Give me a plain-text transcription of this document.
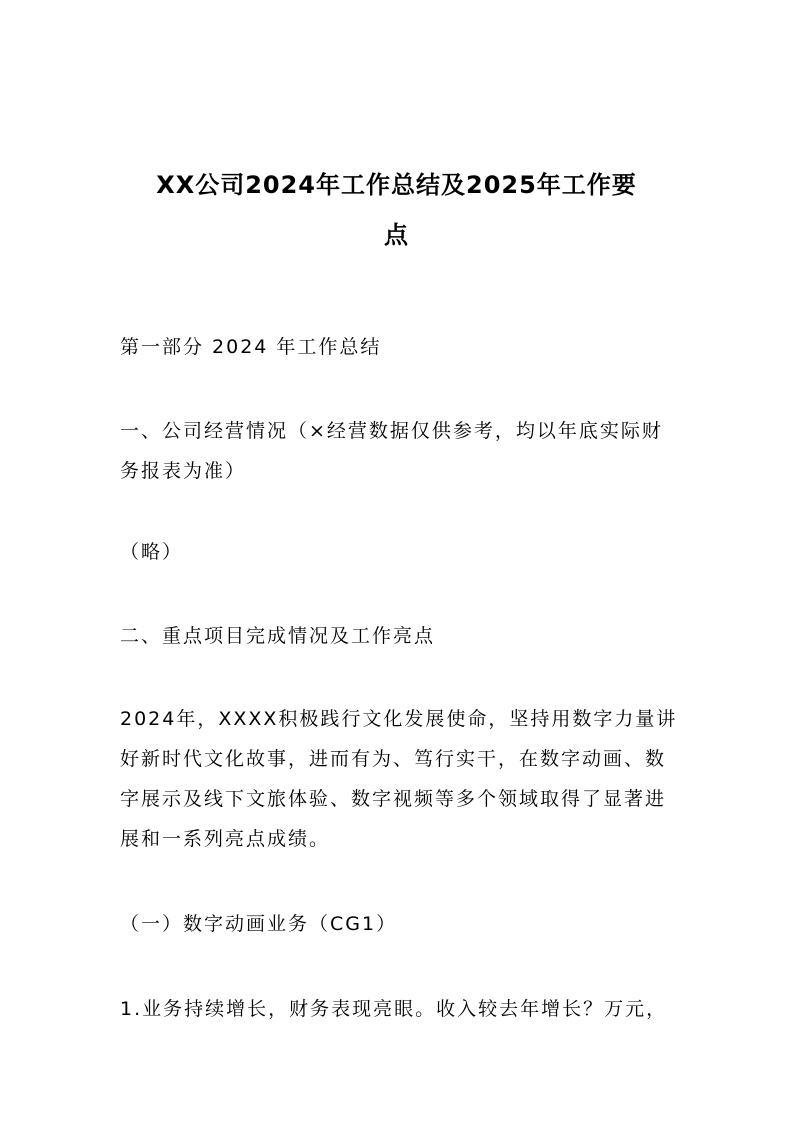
XX公司2024年工作总结及2025年工作要
点

第一部分 2024 年工作总结

一、公司经营情况（×经营数据仅供参考，均以年底实际财

务报表为准）

（略）

二、重点项目完成情况及工作亮点

2024年，XXXX积极践行文化发展使命，坚持用数字力量讲

好新时代文化故事，进而有为、笃行实干，在数字动画、数

字展示及线下文旅体验、数字视频等多个领域取得了显著进

展和一系列亮点成绩。

（一）数字动画业务（CG1）

1.业务持续增长，财务表现亮眼。收入较去年增长？万元，
